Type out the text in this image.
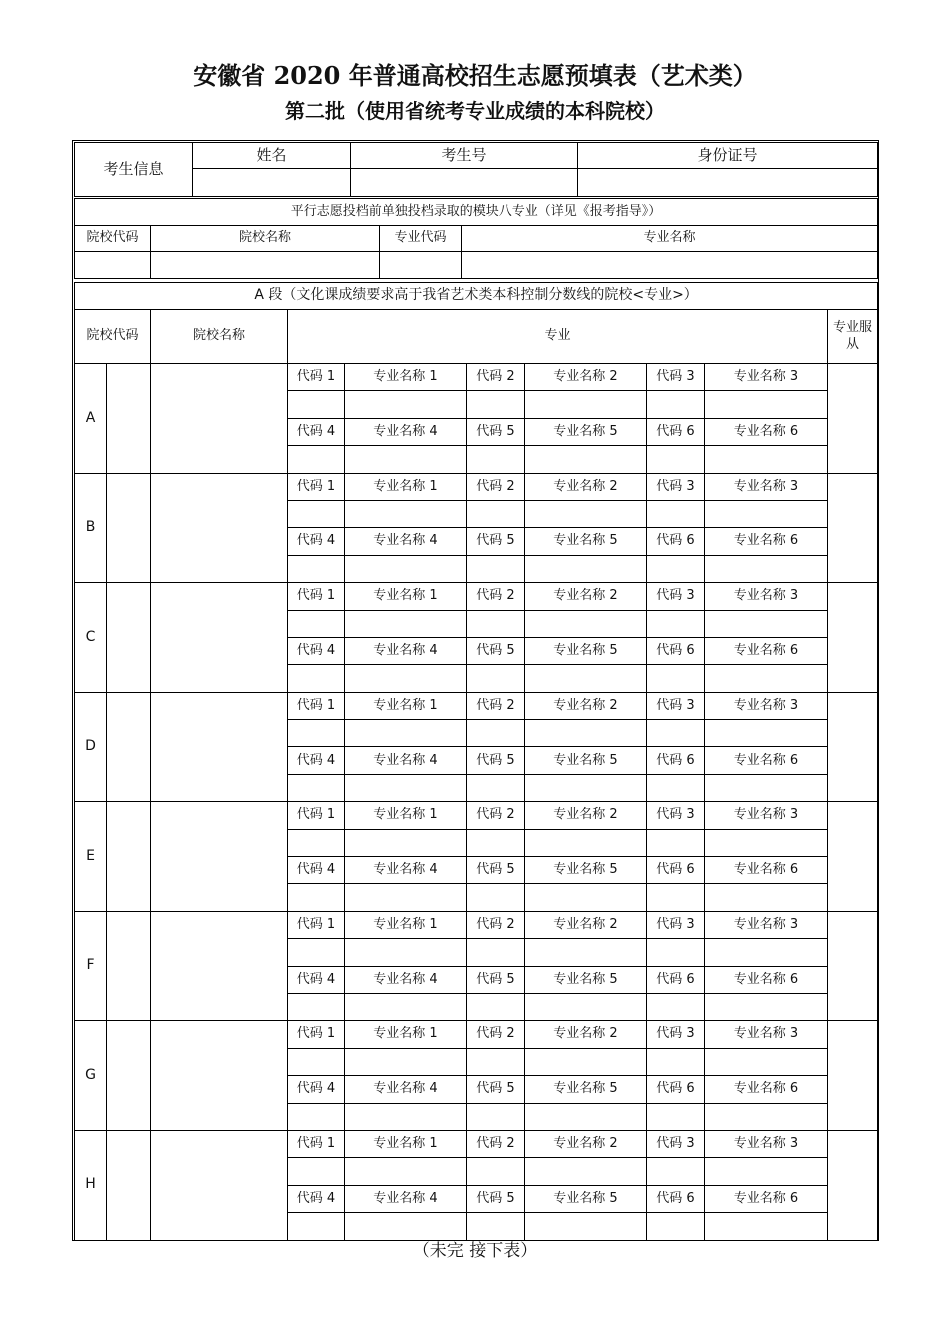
安徽省 2020 年普通高校招生志愿预填表（艺术类）
第二批（使用省统考专业成绩的本科院校）
考生信息	姓名	考生号	身份证号

平行志愿投档前单独投档录取的模块八专业（详见《报考指导》）			
院校代码	院校名称	专业代码	专业名称

A 段（文化课成绩要求高于我省艺术类本科控制分数线的院校<专业>）									
院校代码		院校名称	专业						专业服从
A			代码 1	专业名称 1	代码 2	专业名称 2	代码 3	专业名称 3	

			代码 4	专业名称 4	代码 5	专业名称 5	代码 6	专业名称 6	

B			代码 1	专业名称 1	代码 2	专业名称 2	代码 3	专业名称 3	

			代码 4	专业名称 4	代码 5	专业名称 5	代码 6	专业名称 6	

C			代码 1	专业名称 1	代码 2	专业名称 2	代码 3	专业名称 3	

			代码 4	专业名称 4	代码 5	专业名称 5	代码 6	专业名称 6	

D			代码 1	专业名称 1	代码 2	专业名称 2	代码 3	专业名称 3	

			代码 4	专业名称 4	代码 5	专业名称 5	代码 6	专业名称 6	

E			代码 1	专业名称 1	代码 2	专业名称 2	代码 3	专业名称 3	

			代码 4	专业名称 4	代码 5	专业名称 5	代码 6	专业名称 6	

F			代码 1	专业名称 1	代码 2	专业名称 2	代码 3	专业名称 3	

			代码 4	专业名称 4	代码 5	专业名称 5	代码 6	专业名称 6	

G			代码 1	专业名称 1	代码 2	专业名称 2	代码 3	专业名称 3	

			代码 4	专业名称 4	代码 5	专业名称 5	代码 6	专业名称 6	

H			代码 1	专业名称 1	代码 2	专业名称 2	代码 3	专业名称 3	

			代码 4	专业名称 4	代码 5	专业名称 5	代码 6	专业名称 6	

（未完 接下表）
